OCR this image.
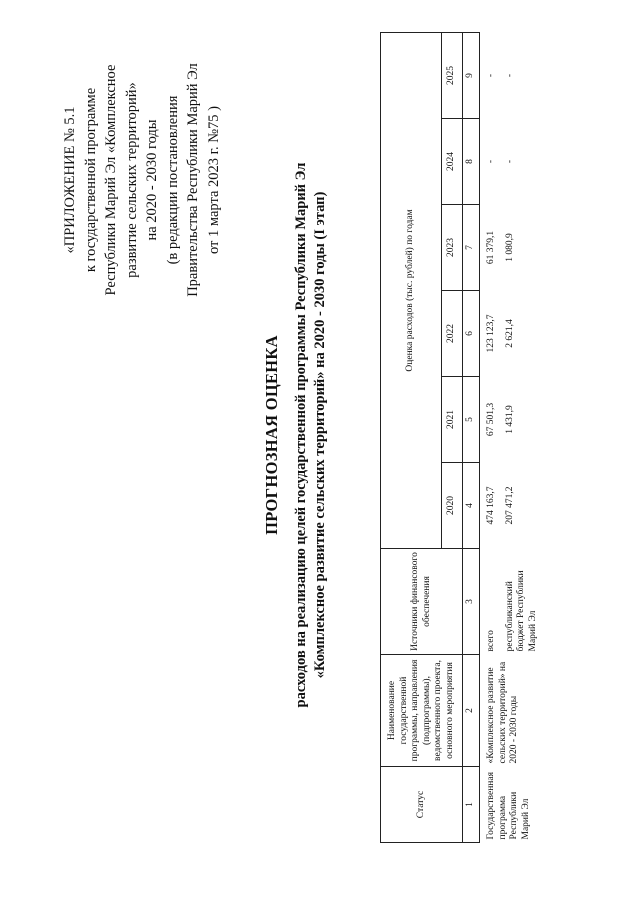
«ПРИЛОЖЕНИЕ № 5.1 к государственной программе Республики Марий Эл «Комплексное развитие сельских территорий» на 2020 - 2030 годы (в редакции постановления Правительства Республики Марий Эл от 1 марта 2023 г. №75 )
ПРОГНОЗНАЯ ОЦЕНКА расходов на реализацию целей государственной программы Республики Марий Эл «Комплексное развитие сельских территорий» на 2020 - 2030 годы (I этап)
Статус	Наименование государственной программы, направления (подпрограммы), ведомственного проекта, основного мероприятия	Источники финансового обеспечения	Оценка расходов (тыс. рублей) по годам					
			2020	2021	2022	2023	2024	2025
1	2	3	4	5	6	7	8	9
Государственная программа Республики Марий Эл	«Комплексное развитие сельских территорий» на 2020 - 2030 годы	всего	474 163,7	67 501,3	123 123,7	61 379,1	-	-
		республиканский бюджет Республики Марий Эл	207 471,2	1 431,9	2 621,4	1 080,9	-	-
